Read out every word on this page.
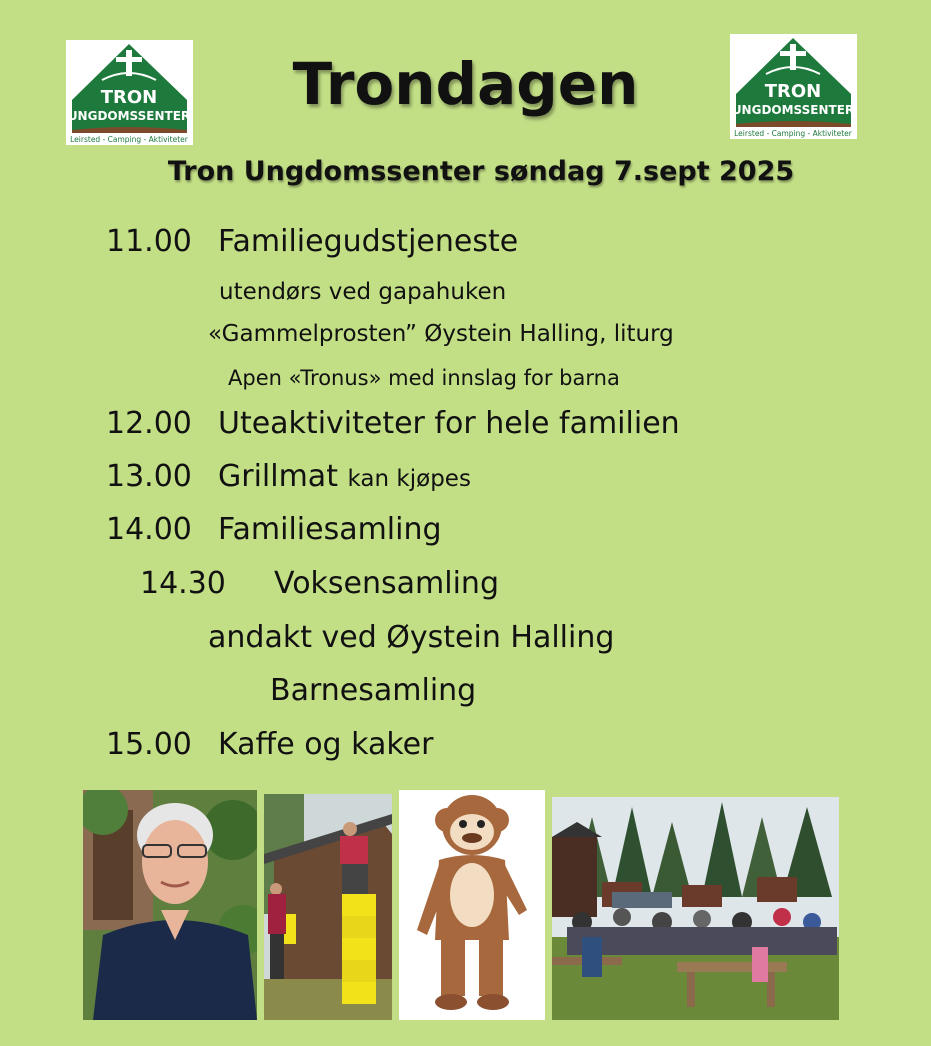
TRON
UNGDOMSSENTER
Leirsted - Camping - Aktiviteter
TRON
UNGDOMSSENTER
Leirsted - Camping - Aktiviteter
Trondagen
Tron Ungdomssenter søndag 7.sept 2025
11.00 Familiegudstjeneste
utendørs ved gapahuken
«Gammelprosten” Øystein Halling, liturg
Apen «Tronus» med innslag for barna
12.00 Uteaktiviteter for hele familien
13.00 Grillmat kan kjøpes
14.00 Familiesamling
14.30 Voksensamling
andakt ved Øystein Halling
Barnesamling
15.00 Kaffe og kaker
